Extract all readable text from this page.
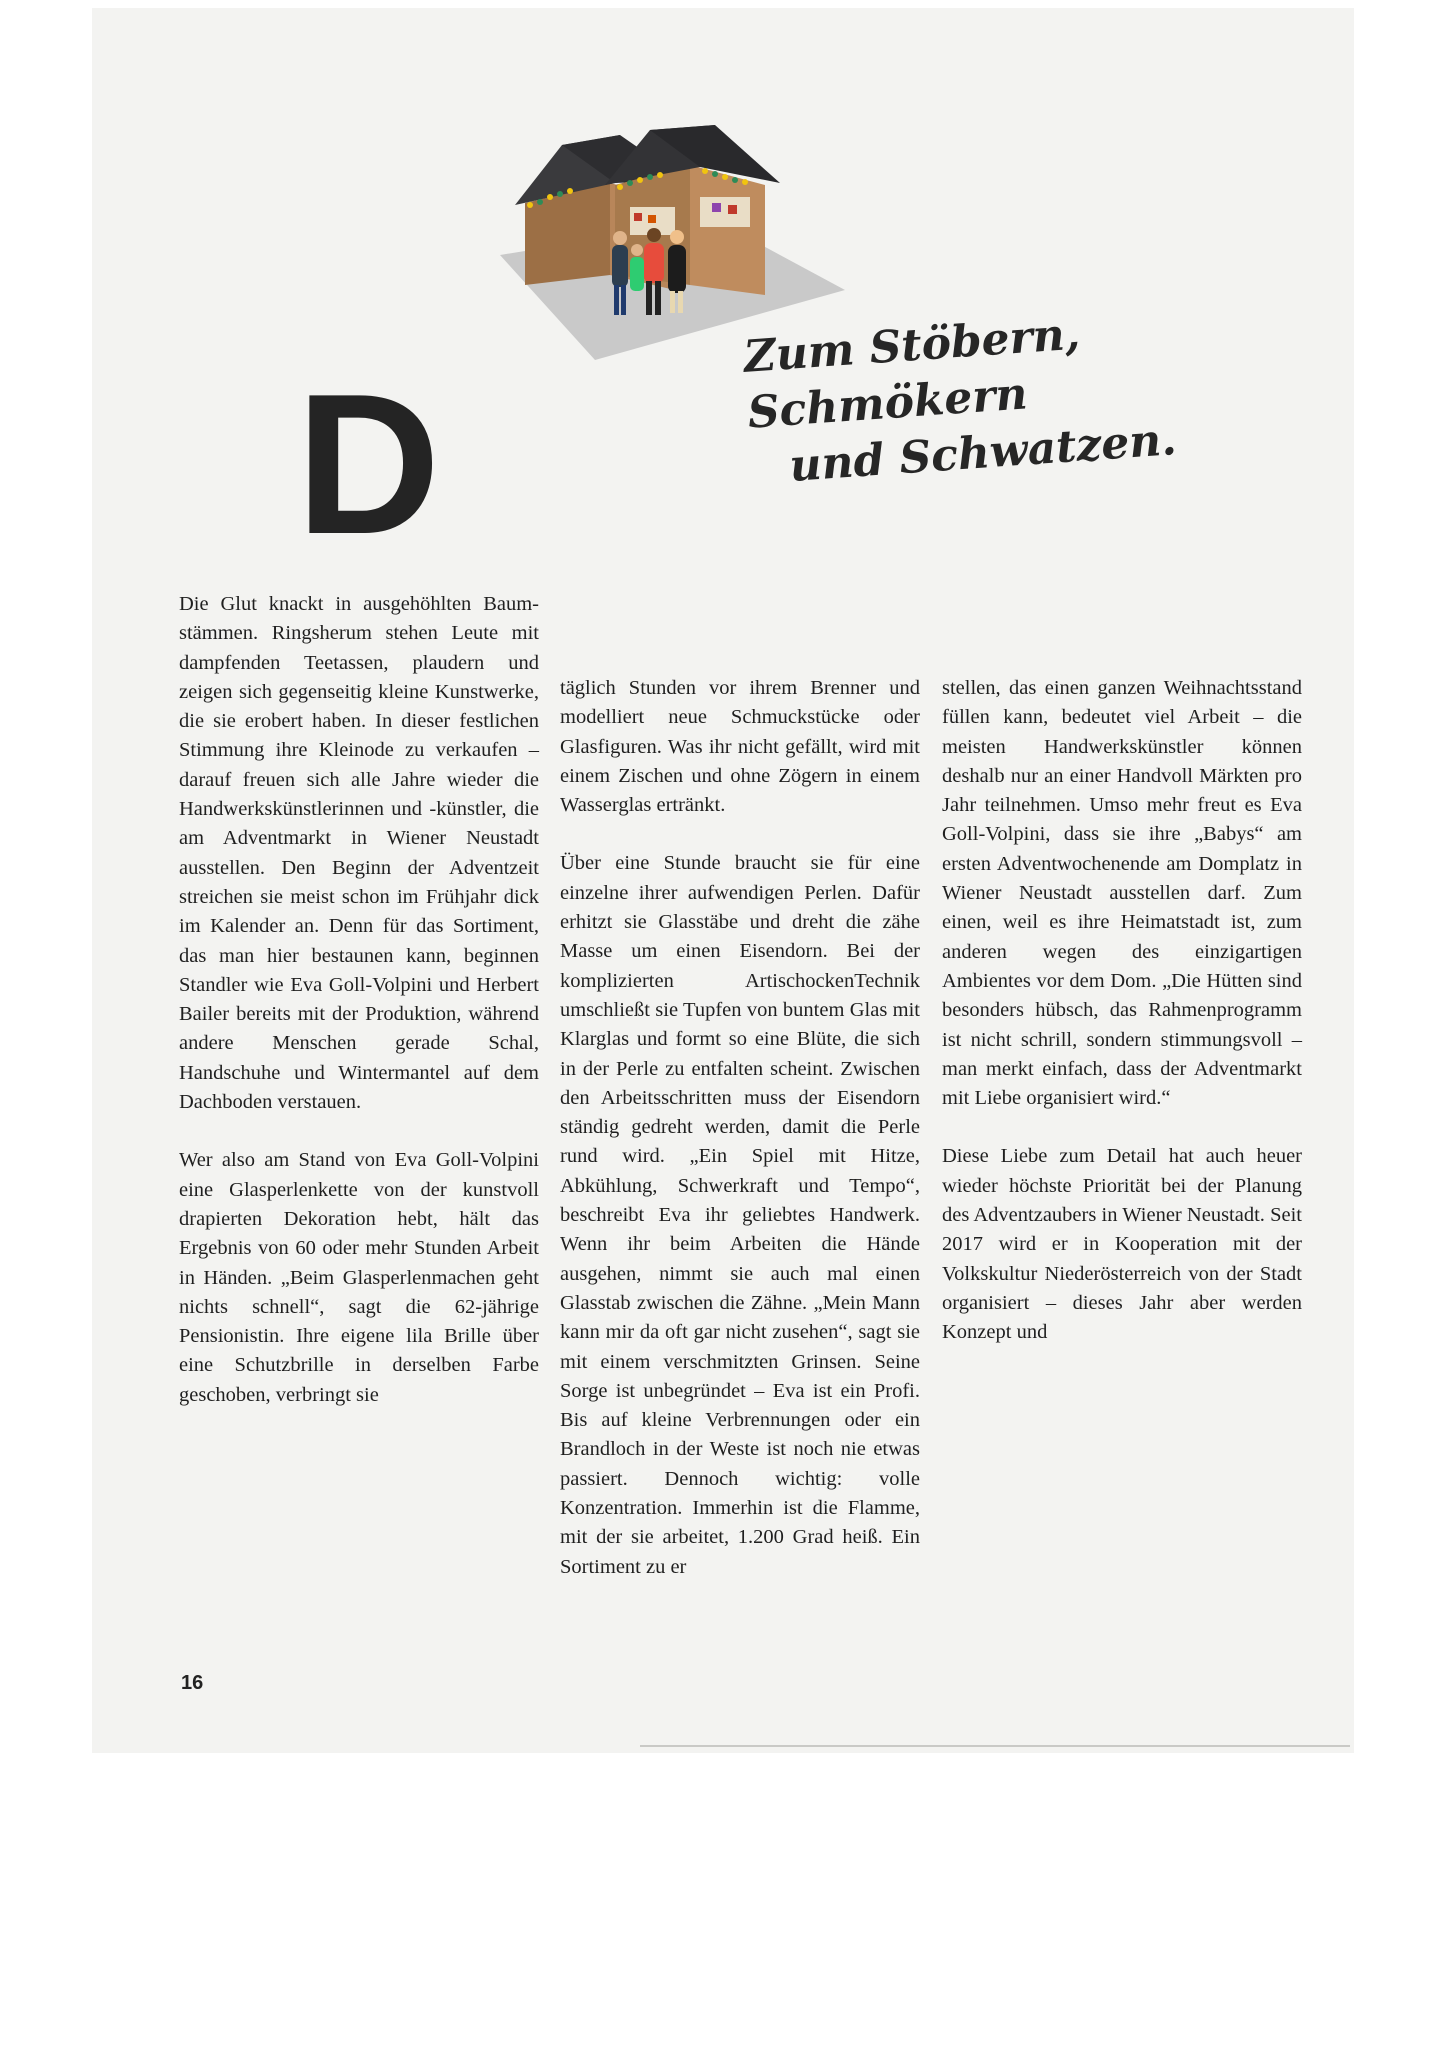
D
Zum Stöbern, Schmökern
und Schwatzen.

Die Glut knackt in ausgehöhlten Baumstämmen. Ringsherum stehen Leute mit dampfenden Teetassen, plaudern und zeigen sich gegenseitig kleine Kunstwerke, die sie erobert haben. In dieser festlichen Stimmung ihre Kleinode zu verkaufen – darauf freuen sich alle Jahre wieder die Handwerkskünstlerinnen und -künstler, die am Adventmarkt in Wiener Neustadt ausstellen. Den Beginn der Adventzeit streichen sie meist schon im Frühjahr dick im Kalender an. Denn für das Sortiment, das man hier bestaunen kann, beginnen Standler wie Eva Goll-Volpini und Herbert Bailer bereits mit der Produktion, während andere Menschen gerade Schal, Handschuhe und Wintermantel auf dem Dachboden verstauen.

Wer also am Stand von Eva Goll-Volpini eine Glasperlenkette von der kunstvoll drapierten Dekoration hebt, hält das Ergebnis von 60 oder mehr Stunden Arbeit in Händen. „Beim Glasperlenmachen geht nichts schnell“, sagt die 62-jährige Pensionistin. Ihre eigene lila Brille über eine Schutzbrille in derselben Farbe geschoben, verbringt sie

täglich Stunden vor ihrem Brenner und modelliert neue Schmuckstücke oder Glasfiguren. Was ihr nicht gefällt, wird mit einem Zischen und ohne Zögern in einem Wasserglas ertränkt.

Über eine Stunde braucht sie für eine einzelne ihrer aufwendigen Perlen. Dafür erhitzt sie Glasstäbe und dreht die zähe Masse um einen Eisendorn. Bei der komplizierten ArtischockenTechnik umschließt sie Tupfen von buntem Glas mit Klarglas und formt so eine Blüte, die sich in der Perle zu entfalten scheint. Zwischen den Arbeitsschritten muss der Eisendorn ständig gedreht werden, damit die Perle rund wird. „Ein Spiel mit Hitze, Abkühlung, Schwerkraft und Tempo“, beschreibt Eva ihr geliebtes Handwerk. Wenn ihr beim Arbeiten die Hände ausgehen, nimmt sie auch mal einen Glasstab zwischen die Zähne. „Mein Mann kann mir da oft gar nicht zusehen“, sagt sie mit einem verschmitzten Grinsen. Seine Sorge ist unbegründet – Eva ist ein Profi. Bis auf kleine Verbrennungen oder ein Brandloch in der Weste ist noch nie etwas passiert. Dennoch wichtig: volle Konzentration. Immerhin ist die Flamme, mit der sie arbeitet, 1.200 Grad heiß. Ein Sortiment zu er

stellen, das einen ganzen Weihnachtsstand füllen kann, bedeutet viel Arbeit – die meisten Handwerkskünstler können deshalb nur an einer Handvoll Märkten pro Jahr teilnehmen. Umso mehr freut es Eva Goll-Volpini, dass sie ihre „Babys“ am ersten Adventwochenende am Domplatz in Wiener Neustadt ausstellen darf. Zum einen, weil es ihre Heimatstadt ist, zum anderen wegen des einzigartigen Ambientes vor dem Dom. „Die Hütten sind besonders hübsch, das Rahmenprogramm ist nicht schrill, sondern stimmungsvoll – man merkt einfach, dass der Adventmarkt mit Liebe organisiert wird.“

Diese Liebe zum Detail hat auch heuer wieder höchste Priorität bei der Planung des Adventzaubers in Wiener Neustadt. Seit 2017 wird er in Kooperation mit der Volkskultur Niederösterreich von der Stadt organisiert – dieses Jahr aber werden Konzept und

16
